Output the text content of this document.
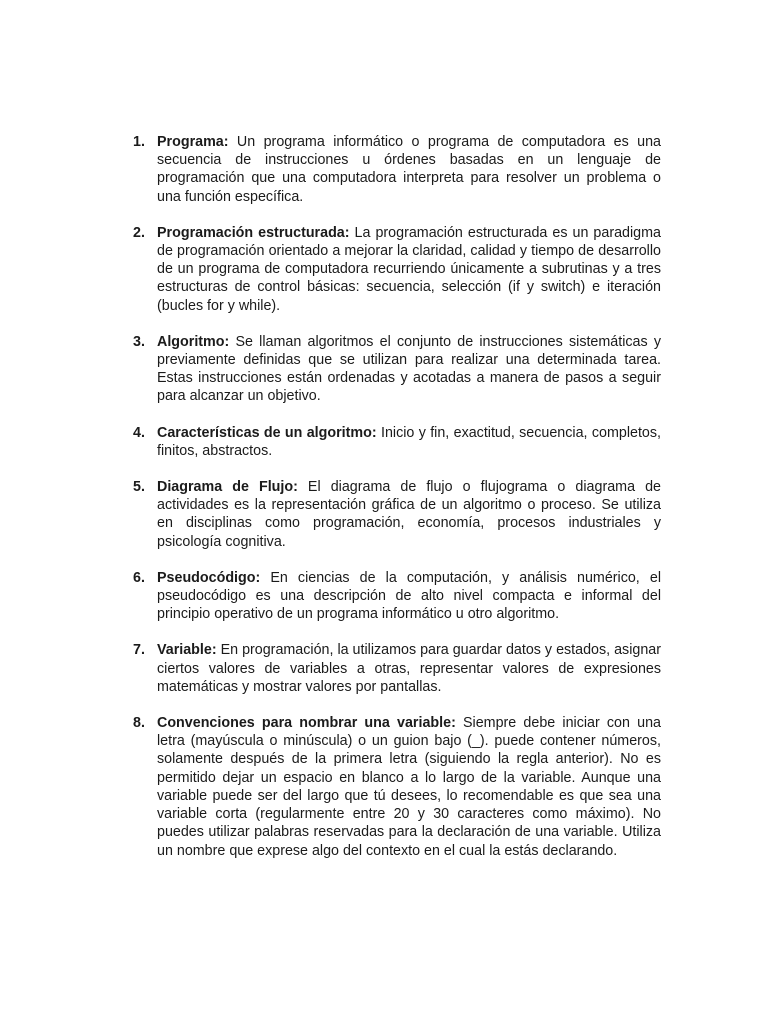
1. Programa: Un programa informático o programa de computadora es una secuencia de instrucciones u órdenes basadas en un lenguaje de programación que una computadora interpreta para resolver un problema o una función específica.
2. Programación estructurada: La programación estructurada es un paradigma de programación orientado a mejorar la claridad, calidad y tiempo de desarrollo de un programa de computadora recurriendo únicamente a subrutinas y a tres estructuras de control básicas: secuencia, selección (if y switch) e iteración (bucles for y while).
3. Algoritmo: Se llaman algoritmos el conjunto de instrucciones sistemáticas y previamente definidas que se utilizan para realizar una determinada tarea. Estas instrucciones están ordenadas y acotadas a manera de pasos a seguir para alcanzar un objetivo.
4. Características de un algoritmo: Inicio y fin, exactitud, secuencia, completos, finitos, abstractos.
5. Diagrama de Flujo: El diagrama de flujo o flujograma o diagrama de actividades es la representación gráfica de un algoritmo o proceso. Se utiliza en disciplinas como programación, economía, procesos industriales y psicología cognitiva.
6. Pseudocódigo: En ciencias de la computación, y análisis numérico, el pseudocódigo es una descripción de alto nivel compacta e informal del principio operativo de un programa informático u otro algoritmo.
7. Variable: En programación, la utilizamos para guardar datos y estados, asignar ciertos valores de variables a otras, representar valores de expresiones matemáticas y mostrar valores por pantallas.
8. Convenciones para nombrar una variable: Siempre debe iniciar con una letra (mayúscula o minúscula) o un guion bajo (_). puede contener números, solamente después de la primera letra (siguiendo la regla anterior). No es permitido dejar un espacio en blanco a lo largo de la variable. Aunque una variable puede ser del largo que tú desees, lo recomendable es que sea una variable corta (regularmente entre 20 y 30 caracteres como máximo). No puedes utilizar palabras reservadas para la declaración de una variable. Utiliza un nombre que exprese algo del contexto en el cual la estás declarando.
